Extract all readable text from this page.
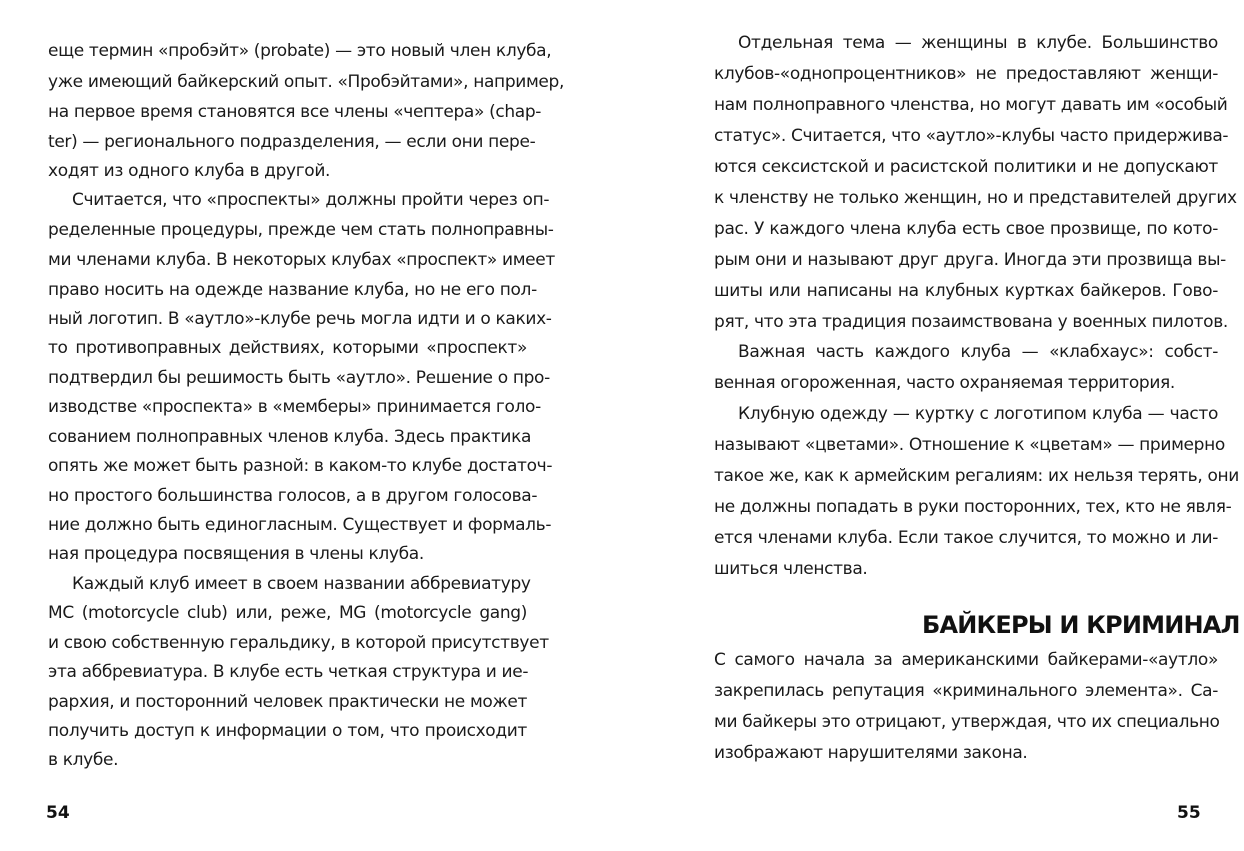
еще термин «пробэйт» (probate) — это новый член клуба,
уже имеющий байкерский опыт. «Пробэйтами», например,
на первое время становятся все члены «чептера» (chap-
ter) — регионального подразделения, — если они пере-
ходят из одного клуба в другой.
Считается, что «проспекты» должны пройти через оп-
ределенные процедуры, прежде чем стать полноправны-
ми членами клуба. В некоторых клубах «проспект» имеет
право носить на одежде название клуба, но не его пол-
ный логотип. В «аутло»-клубе речь могла идти и о каких-
то противоправных действиях, которыми «проспект»
подтвердил бы решимость быть «аутло». Решение о про-
изводстве «проспекта» в «мемберы» принимается голо-
сованием полноправных членов клуба. Здесь практика
опять же может быть разной: в каком-то клубе достаточ-
но простого большинства голосов, а в другом голосова-
ние должно быть единогласным. Существует и формаль-
ная процедура посвящения в члены клуба.
Каждый клуб имеет в своем названии аббревиатуру
MC (motorcycle club) или, реже, MG (motorcycle gang)
и свою собственную геральдику, в которой присутствует
эта аббревиатура. В клубе есть четкая структура и ие-
рархия, и посторонний человек практически не может
получить доступ к информации о том, что происходит
в клубе.
54
Отдельная тема — женщины в клубе. Большинство
клубов-«однопроцентников» не предоставляют женщи-
нам полноправного членства, но могут давать им «особый
статус». Считается, что «аутло»-клубы часто придержива-
ются сексистской и расистской политики и не допускают
к членству не только женщин, но и представителей других
рас. У каждого члена клуба есть свое прозвище, по кото-
рым они и называют друг друга. Иногда эти прозвища вы-
шиты или написаны на клубных куртках байкеров. Гово-
рят, что эта традиция позаимствована у военных пилотов.
Важная часть каждого клуба — «клабхаус»: собст-
венная огороженная, часто охраняемая территория.
Клубную одежду — куртку с логотипом клуба — часто
называют «цветами». Отношение к «цветам» — примерно
такое же, как к армейским регалиям: их нельзя терять, они
не должны попадать в руки посторонних, тех, кто не явля-
ется членами клуба. Если такое случится, то можно и ли-
шиться членства.
БАЙКЕРЫ И КРИМИНАЛ
С самого начала за американскими байкерами-«аутло»
закрепилась репутация «криминального элемента». Са-
ми байкеры это отрицают, утверждая, что их специально
изображают нарушителями закона.
55
